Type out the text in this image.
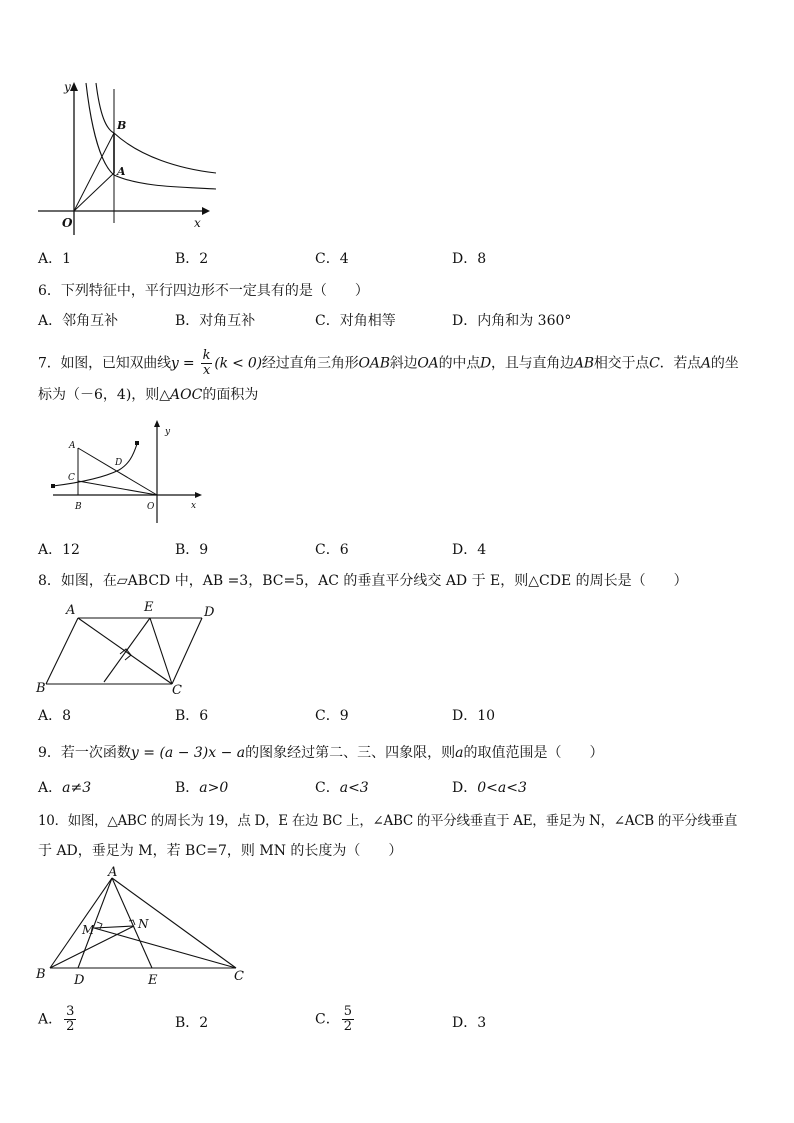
y
x
O
B
A
A．1	B．2	C．4	D．8
6．下列特征中，平行四边形不一定具有的是（　　）
A．邻角互补	B．对角互补	C．对角相等	D．内角和为 360°
7．如图，已知双曲线$y = \frac{k}{x} (k < 0)$经过直角三角形OAB斜边OA的中点D，且与直角边AB相交于点C．若点A的坐
标为（－6，4)，则△AOC的面积为
A
C
D
B	O
y
x
A．12	B．9	C．6	D．4
8．如图，在▱ABCD 中，AB =3，BC=5，AC 的垂直平分线交 AD 于 E，则△CDE 的周长是（　　）
A	E	D
B	C
A．8	B．6	C．9	D．10
9．若一次函数y = (a − 3)x − a的图象经过第二、三、四象限，则a的取值范围是（　　）
A．a≠3	B．a>0	C．a<3	D．0<a<3
10．如图，△ABC 的周长为 19，点 D，E 在边 BC 上，∠ABC 的平分线垂直于 AE，垂足为 N，∠ACB 的平分线垂直
于 AD，垂足为 M，若 BC=7，则 MN 的长度为（　　）
A
M	N
B D	E	C
A． $\frac{3}{2}$	B．2	C． $\frac{5}{2}$	D．3
